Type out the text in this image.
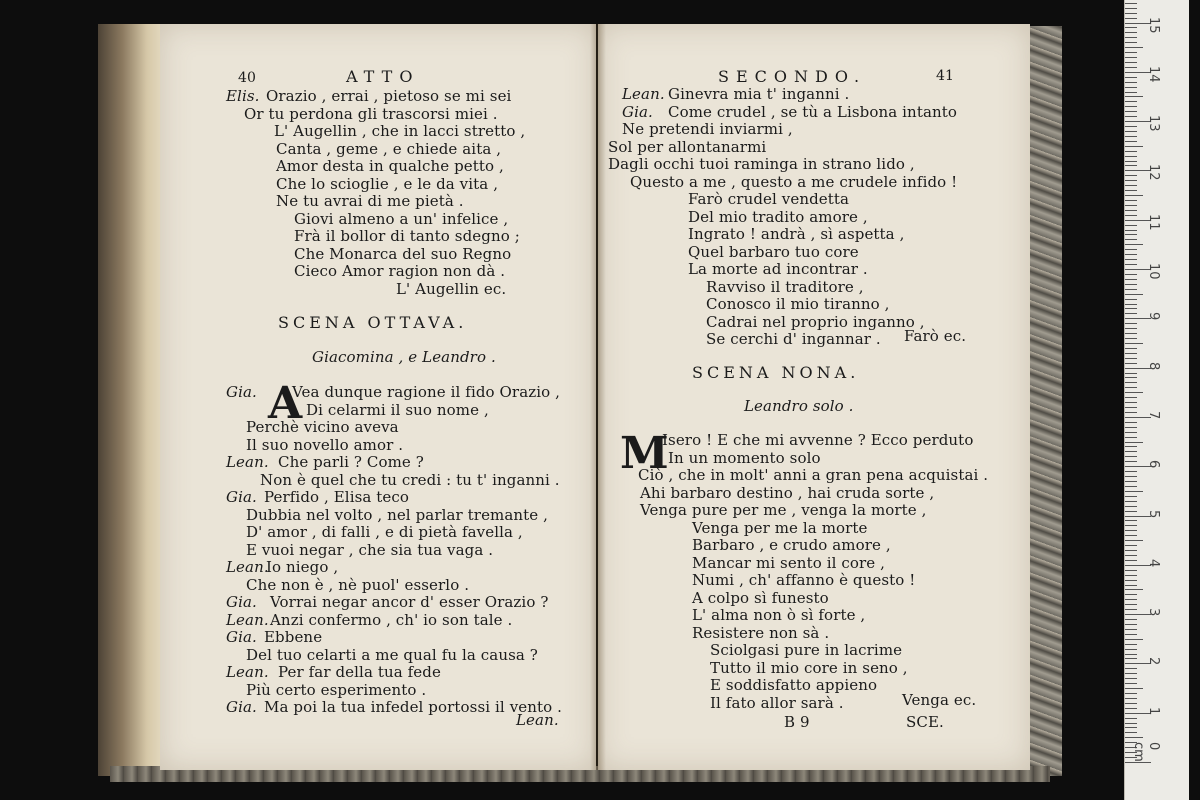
40	ATTO
Elis. Orazio , errai , pietoso se mi sei
Or tu perdona gli trascorsi miei .
L' Augellin , che in lacci stretto ,
Canta , geme , e chiede aita ,
Amor desta in qualche petto ,
Che lo scioglie , e le da vita ,
Ne tu avrai di me pietà .
Giovi almeno a un' infelice ,
Frà il bollor di tanto sdegno ;
Che Monarca del suo Regno
Cieco Amor ragion non dà .
L' Augellin ec.
SCENA OTTAVA.
Giacomina , e Leandro .
A
Gia. Vea dunque ragione il fido Orazio ,
Di celarmi il suo nome ,
Perchè vicino aveva
Il suo novello amor .
Lean. Che parli ? Come ?
Non è quel che tu credi : tu t' inganni .
Gia. Perfido , Elisa teco
Dubbia nel volto , nel parlar tremante ,
D' amor , di falli , e di pietà favella ,
E vuoi negar , che sia tua vaga .
Lean.
Io niego ,
Che non è , nè puol' esserlo .
Gia. Vorrai negar ancor d' esser Orazio ?
Lean. Anzi confermo , ch' io son tale .
Gia. Ebbene
Del tuo celarti a me qual fu la causa ?
Lean. Per far della tua fede
Più certo esperimento .
Gia. Ma poi la tua infedel portossi il vento .
Lean.
SECONDO.	41
Lean. Ginevra mia t' inganni .
Gia. Come crudel , se tù a Lisbona intanto
Ne pretendi inviarmi ,
Sol per allontanarmi
Dagli occhi tuoi raminga in strano lido ,
Questo a me , questo a me crudele infido !
Farò crudel vendetta
Del mio tradito amore ,
Ingrato ! andrà , sì aspetta ,
Quel barbaro tuo core
La morte ad incontrar .
Ravviso il traditore ,
Conosco il mio tiranno ,
Cadrai nel proprio inganno ,
Se cerchi d' ingannar . Farò ec.
SCENA NONA.
Leandro solo .
M
Isero ! E che mi avvenne ? Ecco perduto
In un momento solo
Ciò , che in molt' anni a gran pena acquistai .
Ahi barbaro destino , hai cruda sorte ,
Venga pure per me , venga la morte ,
Venga per me la morte
Barbaro , e crudo amore ,
Mancar mi sento il core ,
Numi , ch' affanno è questo !
A colpo sì funesto
L' alma non ò sì forte ,
Resistere non sà .
Sciolgasi pure in lacrime
Tutto il mio core in seno ,
E soddisfatto appieno
Il fato allor sarà .	Venga ec.
B 9	SCE.
0 cm
1
2
3
4
5
6
7
8
9
10
11
12
13
14
15
